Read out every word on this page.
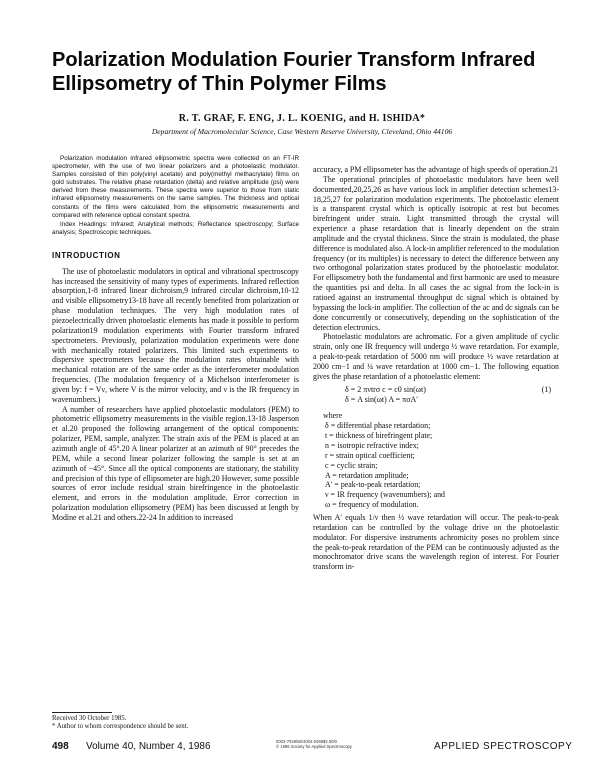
Polarization Modulation Fourier Transform Infrared Ellipsometry of Thin Polymer Films
R. T. GRAF, F. ENG, J. L. KOENIG, and H. ISHIDA*
Department of Macromolecular Science, Case Western Reserve University, Cleveland, Ohio 44106

Polarization modulation infrared ellipsometric spectra were collected on an FT-IR spectrometer, with the use of two linear polarizers and a photoelastic modulator. Samples consisted of thin poly(vinyl acetate) and poly(methyl methacrylate) films on gold substrates. The relative phase retardation (delta) and relative amplitude (psi) were derived from these measurements. These spectra were superior to those from static infrared ellipsometry measurements on the same samples. The thickness and optical constants of the films were calculated from the ellipsometric measurements and compared with reference optical constant spectra.

Index Headings: Infrared; Analytical methods; Reflectance spectroscopy; Surface analysis; Spectroscopic techniques.
INTRODUCTION

The use of photoelastic modulators in optical and vibrational spectroscopy has increased the sensitivity of many types of experiments. Infrared reflection absorption,1-8 infrared linear dichroism,9 infrared circular dichroism,10-12 and visible ellipsometry13-18 have all recently benefited from polarization or phase modulation techniques. The very high modulation rates of piezoelectrically driven photoelastic elements has made it possible to perform polarization19 modulation experiments with Fourier transform infrared spectrometers. Previously, polarization modulation experiments were done with mechanically rotated polarizers. This limited such experiments to dispersive spectrometers because the modulation rates obtainable with mechanical rotation are of the same order as the interferometer modulation frequencies. (The modulation frequency of a Michelson interferometer is given by: f = Vν, where V is the mirror velocity, and ν is the IR frequency in wavenumbers.)

A number of researchers have applied photoelastic modulators (PEM) to photometric ellipsometry measurements in the visible region.13-18 Jasperson et al.20 proposed the following arrangement of the optical components: polarizer, PEM, sample, analyzer. The strain axis of the PEM is placed at an azimuth angle of 45°.20 A linear polarizer at an azimuth of 90° precedes the PEM, while a second linear polarizer following the sample is set at an azimuth of −45°. Since all the optical components are stationary, the stability and precision of this type of ellipsometer are high.20 However, some possible sources of error include residual strain birefringence in the photoelastic element, and errors in the modulation amplitude. Error correction in polarization modulation ellipsometry (PEM) has been discussed at length by Modine et al.21 and others.22-24 In addition to increased

accuracy, a PM ellipsometer has the advantage of high speeds of operation.21

The operational principles of photoelastic modulators have been well documented,20,25,26 as have various lock in amplifier detection schemes13-18,25,27 for polarization modulation experiments. The photoelastic element is a transparent crystal which is optically isotropic at rest but becomes birefringent under strain. Light transmitted through the crystal will experience a phase retardation that is linearly dependent on the strain amplitude and the crystal thickness. Since the strain is modulated, the phase difference is modulated also. A lock-in amplifier referenced to the modulation frequency (or its multiples) is necessary to detect the difference between any two orthogonal polarization states produced by the photoelastic modulator. For ellipsometry both the fundamental and first harmonic are used to measure the quantities psi and delta. In all cases the ac signal from the lock-in is ratioed against an instrumental throughput dc signal which is obtained by bypassing the lock-in amplifier. The collection of the ac and dc signals can be done concurrently or consecutively, depending on the sophistication of the detection electronics.

Photoelastic modulators are achromatic. For a given amplitude of cyclic strain, only one IR frequency will undergo ½ wave retardation. For example, a peak-to-peak retardation of 5000 nm will produce ½ wave retardation at 2000 cm−1 and ¼ wave retardation at 1000 cm−1. The following equation gives the phase retardation of a photoelastic element:

δ = 2 πνtrσ c = c0 sin(ωt)
δ = A sin(ωt) A = πσA′
(1)

where

δ = differential phase retardation;
t = thickness of birefringent plate;
n = isotropic refractive index;
r = strain optical coefficient;
c = cyclic strain;
A = retardation amplitude;
A′ = peak-to-peak retardation;
ν = IR frequency (wavenumbers); and
ω = frequency of modulation.

When A′ equals 1/ν then ½ wave retardation will occur. The peak-to-peak retardation can be controlled by the voltage drive on the photoelastic modulator. For dispersive instruments achromicity poses no problem since the peak-to-peak retardation of the PEM can be continuously adjusted as the monochromator drive scans the wavelength region of interest. For Fourier transform in-

Received 30 October 1985.
* Author to whom correspondence should be sent.
498 Volume 40, Number 4, 1986	0003-7028/86/4004-0498$2.00/0
© 1986 Society for Applied Spectroscopy	APPLIED SPECTROSCOPY
